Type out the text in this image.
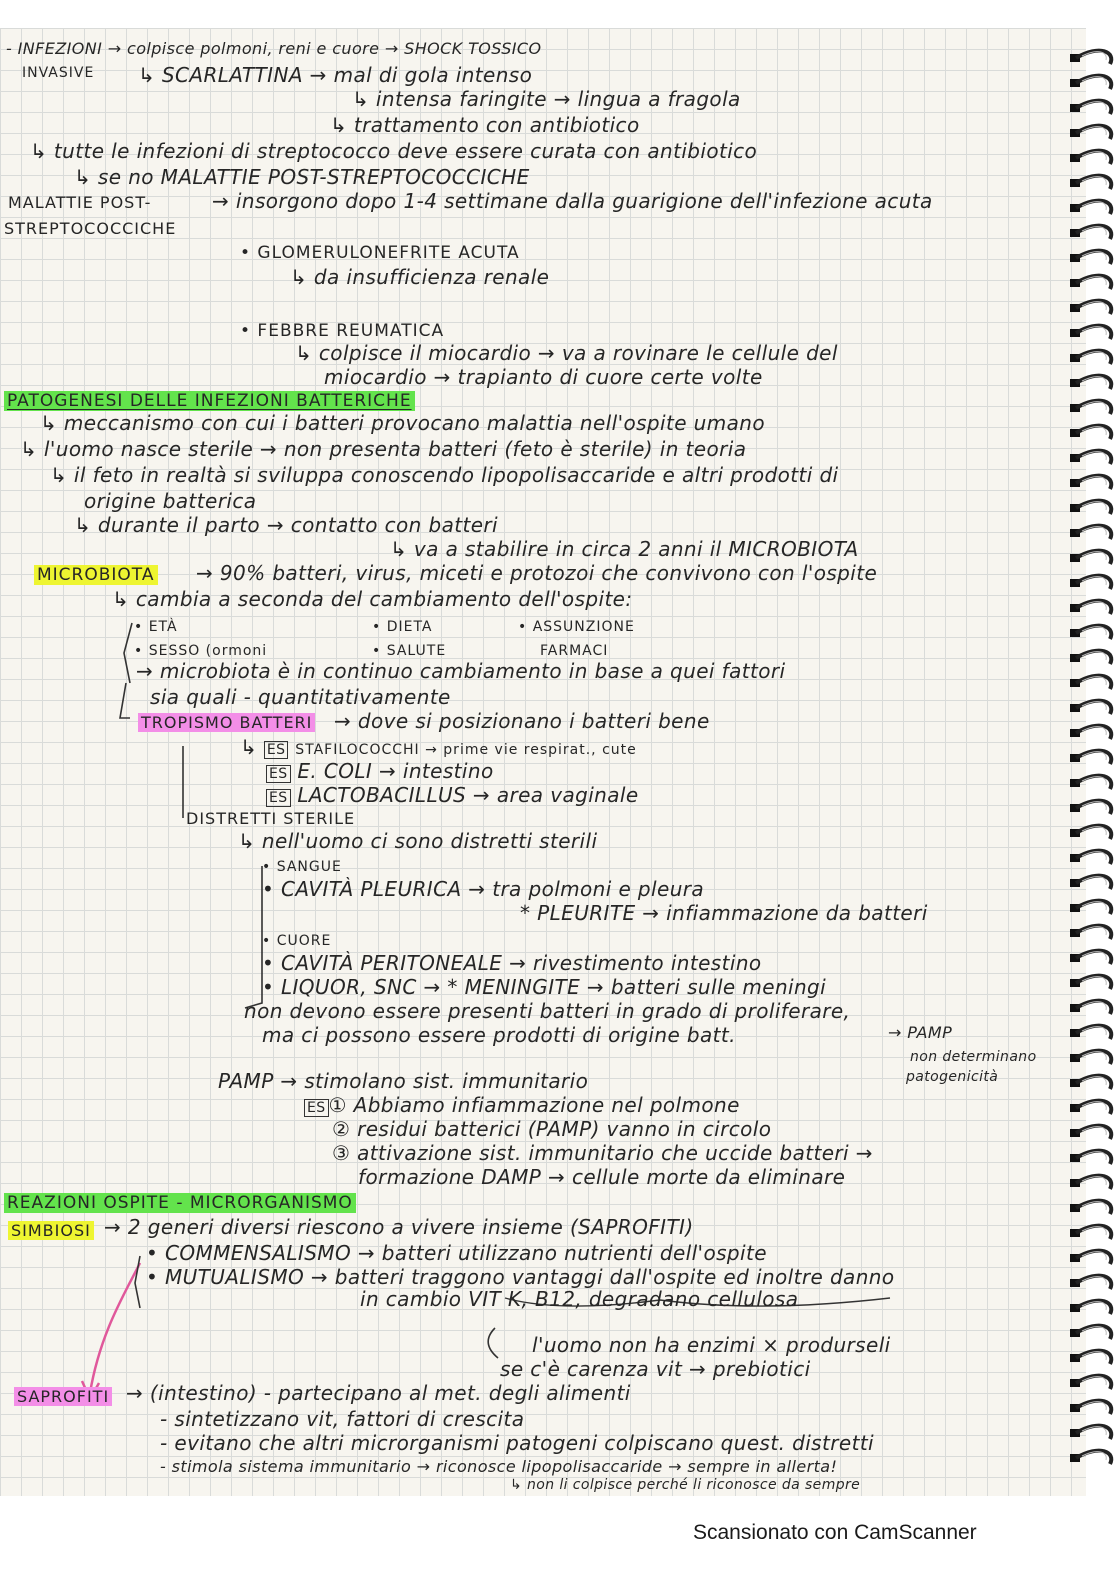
- INFEZIONI → colpisce polmoni, reni e cuore → SHOCK TOSSICO
INVASIVE ↳ SCARLATTINA → mal di gola intenso
↳ intensa faringite → lingua a fragola
↳ trattamento con antibiotico
↳ tutte le infezioni di streptococco deve essere curata con antibiotico
↳ se no MALATTIE POST-STREPTOCOCCICHE
MALATTIE POST-
STREPTOCOCCICHE
→ insorgono dopo 1-4 settimane dalla guarigione dell'infezione acuta
• GLOMERULONEFRITE ACUTA
↳ da insufficienza renale
• FEBBRE REUMATICA
↳ colpisce il miocardio → va a rovinare le cellule del
miocardio → trapianto di cuore certe volte
PATOGENESI DELLE INFEZIONI BATTERICHE
↳ meccanismo con cui i batteri provocano malattia nell'ospite umano
↳ l'uomo nasce sterile → non presenta batteri (feto è sterile) in teoria
↳ il feto in realtà si sviluppa conoscendo lipopolisaccaride e altri prodotti di
origine batterica
↳ durante il parto → contatto con batteri
↳ va a stabilire in circa 2 anni il MICROBIOTA
MICROBIOTA → 90% batteri, virus, miceti e protozoi che convivono con l'ospite
↳ cambia a seconda del cambiamento dell'ospite:
• ETÀ	• DIETA	• ASSUNZIONE
• SESSO (ormoni	• SALUTE	FARMACI
→ microbiota è in continuo cambiamento in base a quei fattori
sia quali - quantitativamente
TROPISMO BATTERI → dove si posizionano i batteri bene
↳ ES STAFILOCOCCHI → prime vie respirat., cute
ES E. COLI → intestino
ES LACTOBACILLUS → area vaginale
DISTRETTI STERILE
↳ nell'uomo ci sono distretti sterili
• SANGUE
• CAVITÀ PLEURICA → tra polmoni e pleura
* PLEURITE → infiammazione da batteri
• CUORE
• CAVITÀ PERITONEALE → rivestimento intestino
• LIQUOR, SNC → * MENINGITE → batteri sulle meningi
non devono essere presenti batteri in grado di proliferare,
ma ci possono essere prodotti di origine batt.	→ PAMP
non determinano
patogenicità
PAMP → stimolano sist. immunitario
ES ① Abbiamo infiammazione nel polmone
② residui batterici (PAMP) vanno in circolo
③ attivazione sist. immunitario che uccide batteri →
formazione DAMP → cellule morte da eliminare
REAZIONI OSPITE - MICRORGANISMO
SIMBIOSI → 2 generi diversi riescono a vivere insieme (SAPROFITI)
• COMMENSALISMO → batteri utilizzano nutrienti dell'ospite
• MUTUALISMO → batteri traggono vantaggi dall'ospite ed inoltre danno
in cambio VIT K, B12, degradano cellulosa
l'uomo non ha enzimi × produrseli
se c'è carenza vit → prebiotici
SAPROFITI → (intestino) - partecipano al met. degli alimenti
- sintetizzano vit, fattori di crescita
- evitano che altri microrganismi patogeni colpiscano quest. distretti
- stimola sistema immunitario → riconosce lipopolisaccaride → sempre in allerta!
↳ non li colpisce perché li riconosce da sempre
Scansionato con CamScanner
